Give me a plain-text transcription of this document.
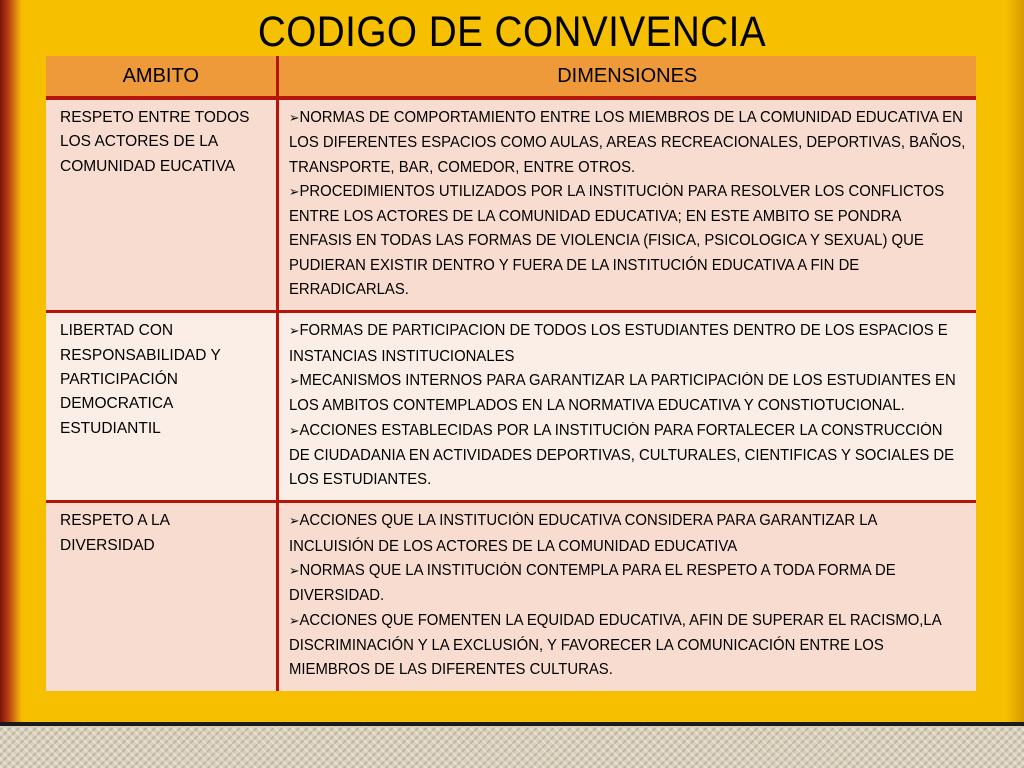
CODIGO DE CONVIVENCIA
AMBITO	DIMENSIONES
RESPETO ENTRE TODOS LOS ACTORES DE LA COMUNIDAD EUCATIVA	➢NORMAS DE COMPORTAMIENTO ENTRE LOS MIEMBROS DE LA COMUNIDAD EDUCATIVA EN LOS DIFERENTES ESPACIOS COMO AULAS, AREAS RECREACIONALES, DEPORTIVAS, BAÑOS, TRANSPORTE, BAR, COMEDOR, ENTRE OTROS.
➢PROCEDIMIENTOS UTILIZADOS POR LA INSTITUCIÓN PARA RESOLVER LOS CONFLICTOS ENTRE LOS ACTORES DE LA COMUNIDAD EDUCATIVA; EN ESTE AMBITO SE PONDRA ENFASIS EN TODAS LAS FORMAS DE VIOLENCIA (FISICA, PSICOLOGICA Y SEXUAL) QUE PUDIERAN EXISTIR DENTRO Y FUERA DE LA INSTITUCIÓN EDUCATIVA A FIN DE ERRADICARLAS.

LIBERTAD CON RESPONSABILIDAD Y PARTICIPACIÓN DEMOCRATICA ESTUDIANTIL	➢FORMAS DE PARTICIPACION DE TODOS LOS ESTUDIANTES DENTRO DE LOS ESPACIOS E INSTANCIAS INSTITUCIONALES
➢MECANISMOS INTERNOS PARA GARANTIZAR LA PARTICIPACIÓN DE LOS ESTUDIANTES EN LOS AMBITOS CONTEMPLADOS EN LA NORMATIVA EDUCATIVA Y CONSTIOTUCIONAL.
➢ACCIONES ESTABLECIDAS POR LA INSTITUCIÓN PARA FORTALECER LA CONSTRUCCIÓN DE CIUDADANIA EN ACTIVIDADES DEPORTIVAS, CULTURALES, CIENTIFICAS Y SOCIALES DE LOS ESTUDIANTES.

RESPETO A LA DIVERSIDAD	➢ACCIONES QUE LA INSTITUCIÓN EDUCATIVA CONSIDERA PARA GARANTIZAR LA INCLUISIÓN DE LOS ACTORES DE LA COMUNIDAD EDUCATIVA
➢NORMAS QUE LA INSTITUCIÓN CONTEMPLA PARA EL RESPETO A TODA FORMA DE DIVERSIDAD.
➢ACCIONES QUE FOMENTEN LA EQUIDAD EDUCATIVA, AFIN DE SUPERAR EL RACISMO,LA DISCRIMINACIÓN Y LA EXCLUSIÓN, Y FAVORECER LA COMUNICACIÓN ENTRE LOS MIEMBROS DE LAS DIFERENTES CULTURAS.
